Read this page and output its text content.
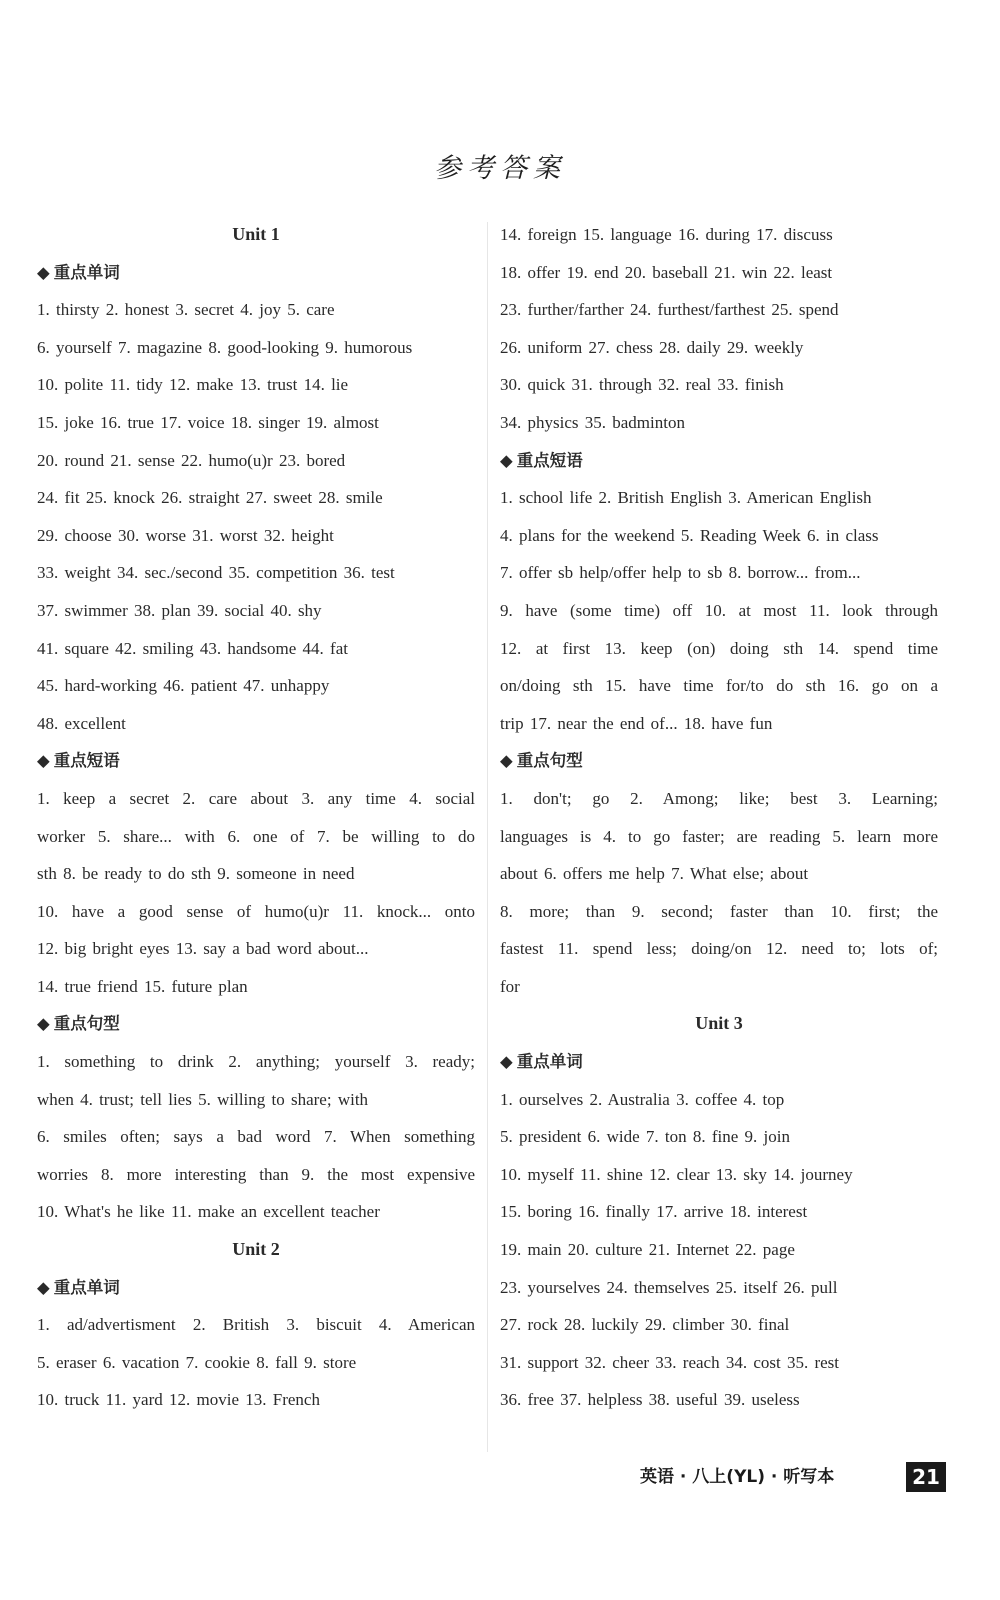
参考答案
Unit 1
◆ 重点单词
1. thirsty 2. honest 3. secret 4. joy 5. care
6. yourself 7. magazine 8. good-looking 9. humorous
10. polite 11. tidy 12. make 13. trust 14. lie
15. joke 16. true 17. voice 18. singer 19. almost
20. round 21. sense 22. humo(u)r 23. bored
24. fit 25. knock 26. straight 27. sweet 28. smile
29. choose 30. worse 31. worst 32. height
33. weight 34. sec./second 35. competition 36. test
37. swimmer 38. plan 39. social 40. shy
41. square 42. smiling 43. handsome 44. fat
45. hard-working 46. patient 47. unhappy
48. excellent
◆ 重点短语
1. keep a secret 2. care about 3. any time 4. social
worker 5. share... with 6. one of 7. be willing to do
sth 8. be ready to do sth 9. someone in need
10. have a good sense of humo(u)r 11. knock... onto
12. big bright eyes 13. say a bad word about...
14. true friend 15. future plan
◆ 重点句型
1. something to drink 2. anything; yourself 3. ready;
when 4. trust; tell lies 5. willing to share; with
6. smiles often; says a bad word 7. When something
worries 8. more interesting than 9. the most expensive
10. What's he like 11. make an excellent teacher
Unit 2
◆ 重点单词
1. ad/advertisment 2. British 3. biscuit 4. American
5. eraser 6. vacation 7. cookie 8. fall 9. store
10. truck 11. yard 12. movie 13. French
14. foreign 15. language 16. during 17. discuss
18. offer 19. end 20. baseball 21. win 22. least
23. further/farther 24. furthest/farthest 25. spend
26. uniform 27. chess 28. daily 29. weekly
30. quick 31. through 32. real 33. finish
34. physics 35. badminton
◆ 重点短语
1. school life 2. British English 3. American English
4. plans for the weekend 5. Reading Week 6. in class
7. offer sb help/offer help to sb 8. borrow... from...
9. have (some time) off 10. at most 11. look through
12. at first 13. keep (on) doing sth 14. spend time
on/doing sth 15. have time for/to do sth 16. go on a
trip 17. near the end of... 18. have fun
◆ 重点句型
1. don't; go 2. Among; like; best 3. Learning;
languages is 4. to go faster; are reading 5. learn more
about 6. offers me help 7. What else; about
8. more; than 9. second; faster than 10. first; the
fastest 11. spend less; doing/on 12. need to; lots of;
for
Unit 3
◆ 重点单词
1. ourselves 2. Australia 3. coffee 4. top
5. president 6. wide 7. ton 8. fine 9. join
10. myself 11. shine 12. clear 13. sky 14. journey
15. boring 16. finally 17. arrive 18. interest
19. main 20. culture 21. Internet 22. page
23. yourselves 24. themselves 25. itself 26. pull
27. rock 28. luckily 29. climber 30. final
31. support 32. cheer 33. reach 34. cost 35. rest
36. free 37. helpless 38. useful 39. useless
英语 · 八上(YL) · 听写本	21
